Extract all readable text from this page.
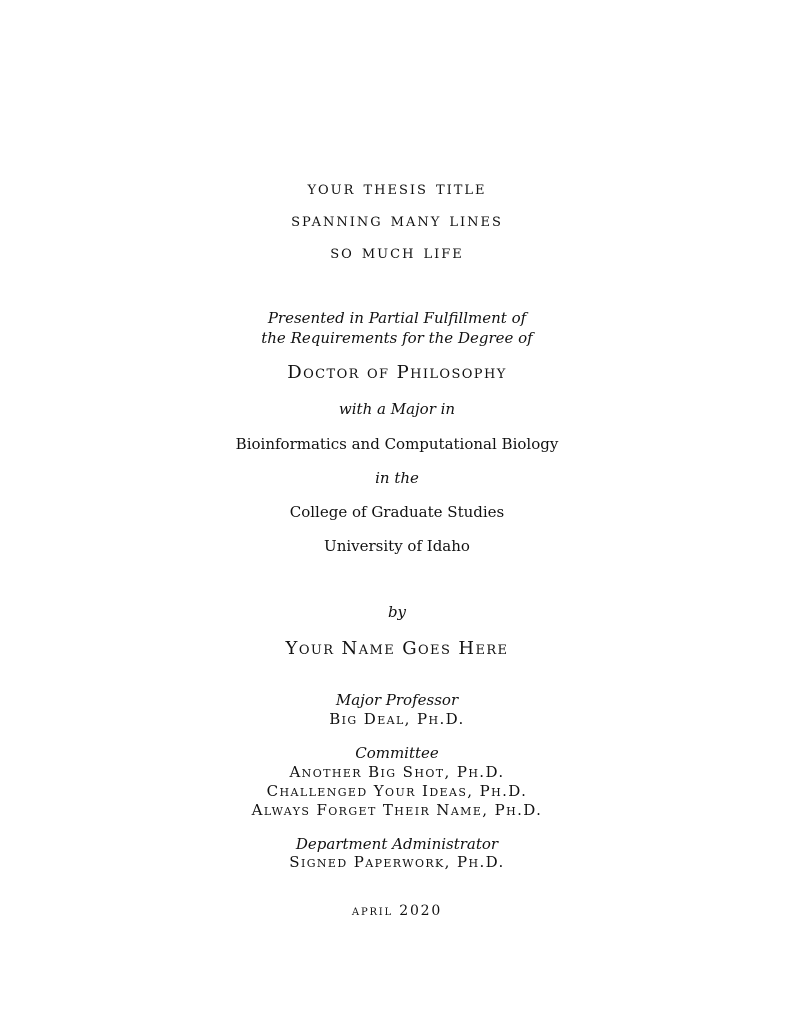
your thesis title
spanning many lines
so much life
Presented in Partial Fulfillment of
the Requirements for the Degree of
Doctor of Philosophy
with a Major in
Bioinformatics and Computational Biology
in the
College of Graduate Studies
University of Idaho
by
Your Name Goes Here
Major Professor
Big Deal, Ph.D.
Committee
Another Big Shot, Ph.D.
Challenged Your Ideas, Ph.D.
Always Forget Their Name, Ph.D.
Department Administrator
Signed Paperwork, Ph.D.
april 2020
